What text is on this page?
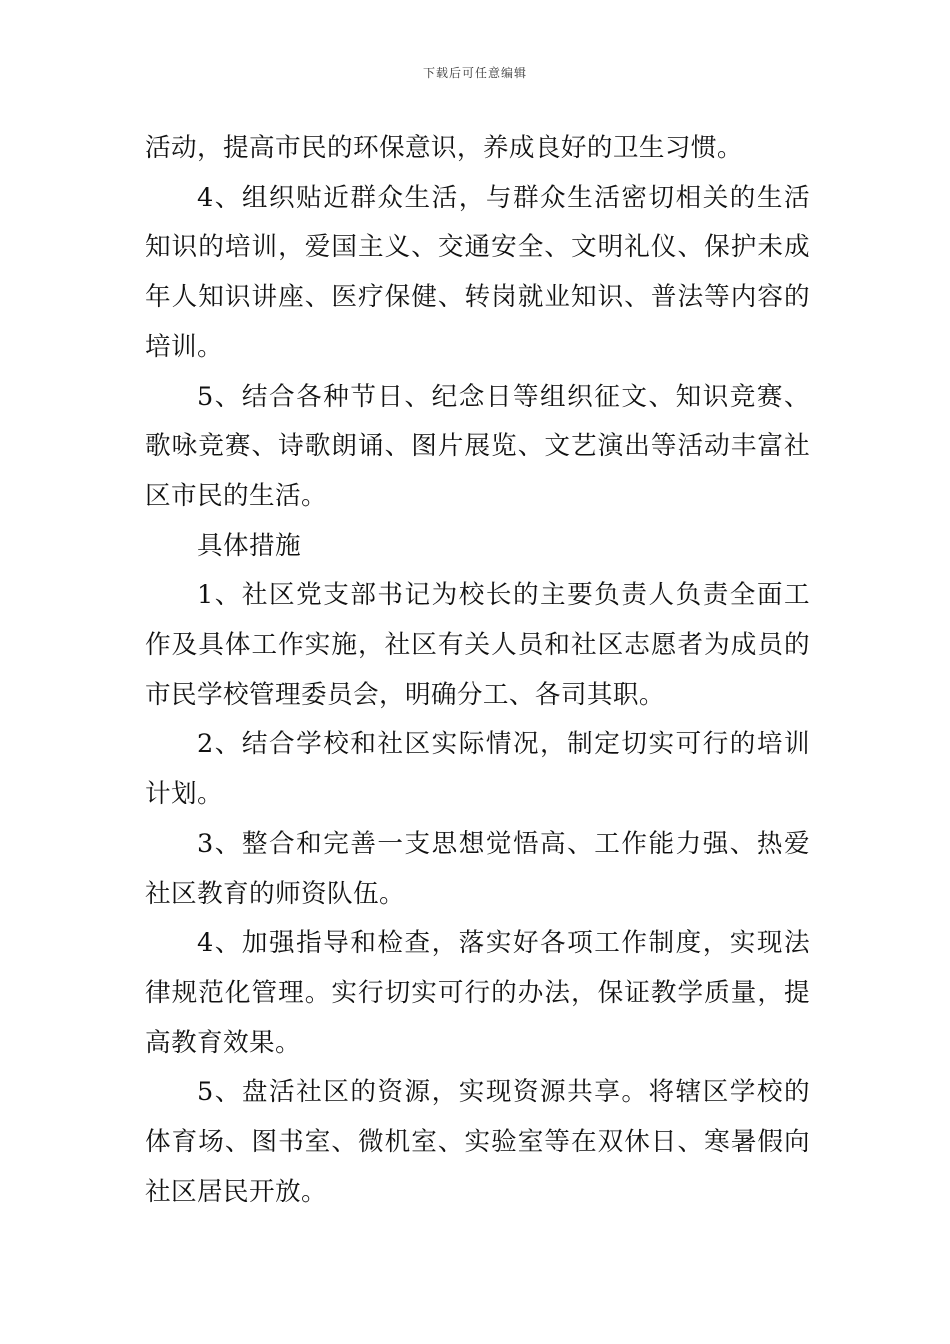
下载后可任意编辑

活动，提高市民的环保意识，养成良好的卫生习惯。

4、组织贴近群众生活，与群众生活密切相关的生活知识的培训，爱国主义、交通安全、文明礼仪、保护未成年人知识讲座、医疗保健、转岗就业知识、普法等内容的培训。

5、结合各种节日、纪念日等组织征文、知识竞赛、歌咏竞赛、诗歌朗诵、图片展览、文艺演出等活动丰富社区市民的生活。

具体措施

1、社区党支部书记为校长的主要负责人负责全面工作及具体工作实施，社区有关人员和社区志愿者为成员的市民学校管理委员会，明确分工、各司其职。

2、结合学校和社区实际情况，制定切实可行的培训计划。

3、整合和完善一支思想觉悟高、工作能力强、热爱社区教育的师资队伍。

4、加强指导和检查，落实好各项工作制度，实现法律规范化管理。实行切实可行的办法，保证教学质量，提高教育效果。

5、盘活社区的资源，实现资源共享。将辖区学校的体育场、图书室、微机室、实验室等在双休日、寒暑假向社区居民开放。
